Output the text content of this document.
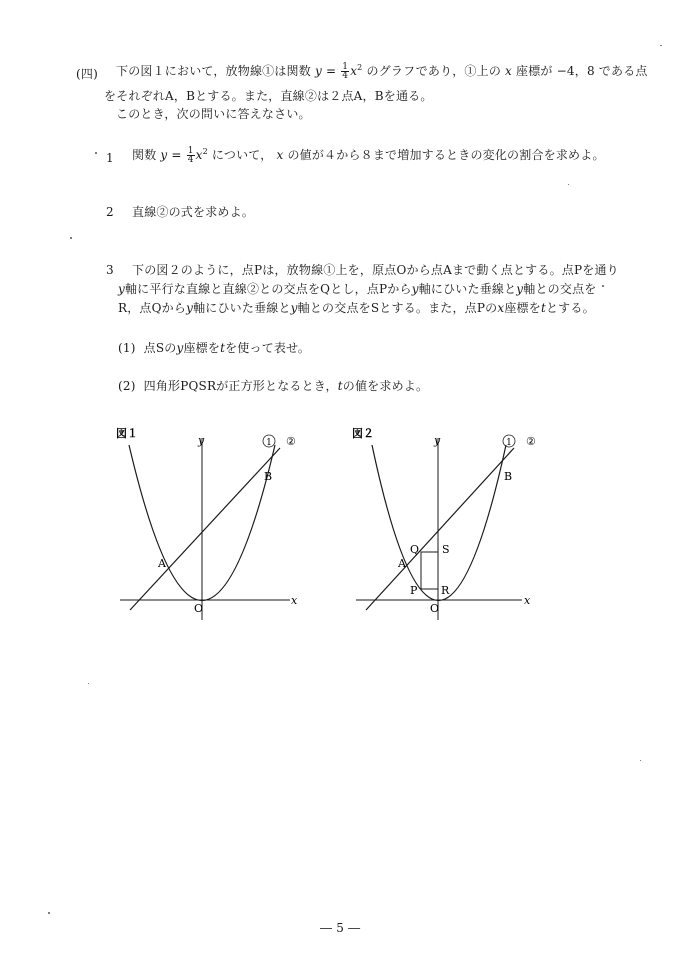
(四) 下の図１において，放物線①は関数 $y = \frac{1}{4} x^2$ のグラフであり，①上の x 座標が −4，8 である点
をそれぞれA，Bとする。また，直線②は２点A，Bを通る。
このとき，次の問いに答えなさい。
1 関数 $y = \frac{1}{4} x^2$ について， x の値が４から８まで増加するときの変化の割合を求めよ。
2 直線②の式を求めよ。
3 下の図２のように，点Pは，放物線①上を，原点Oから点Aまで動く点とする。点Pを通り
y軸に平行な直線と直線②との交点をQとし，点Pからy軸にひいた垂線とy軸との交点を
R，点Qからy軸にひいた垂線とy軸との交点をSとする。また，点Pのx座標をtとする。
(1) 点Sのy座標をtを使って表せ。
(2) 四角形PQSRが正方形となるとき，tの値を求めよ。
図１
y
x
1 ②
B
A
O
図２
y
x
1 ②
B
A
Q S
P R
O
― 5 ―
